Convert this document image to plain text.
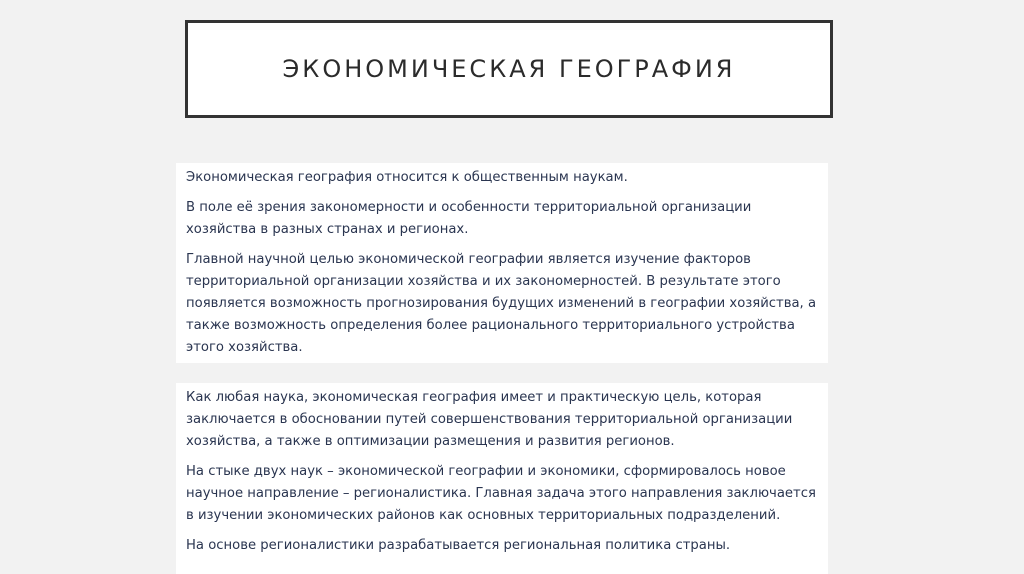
ЭКОНОМИЧЕСКАЯ ГЕОГРАФИЯ

Экономическая география относится к общественным наукам.

В поле её зрения закономерности и особенности территориальной организации хозяйства в разных странах и регионах.

Главной научной целью экономической географии является изучение факторов территориальной организации хозяйства и их закономерностей. В результате этого появляется возможность прогнозирования будущих изменений в географии хозяйства, а также возможность определения более рационального территориального устройства этого хозяйства.

Как любая наука, экономическая география имеет и практическую цель, которая заключается в обосновании путей совершенствования территориальной организации хозяйства, а также в оптимизации размещения и развития регионов.

На стыке двух наук – экономической географии и экономики, сформировалось новое научное направление – регионалистика. Главная задача этого направления заключается в изучении экономических районов как основных территориальных подразделений.

На основе регионалистики разрабатывается региональная политика страны.
